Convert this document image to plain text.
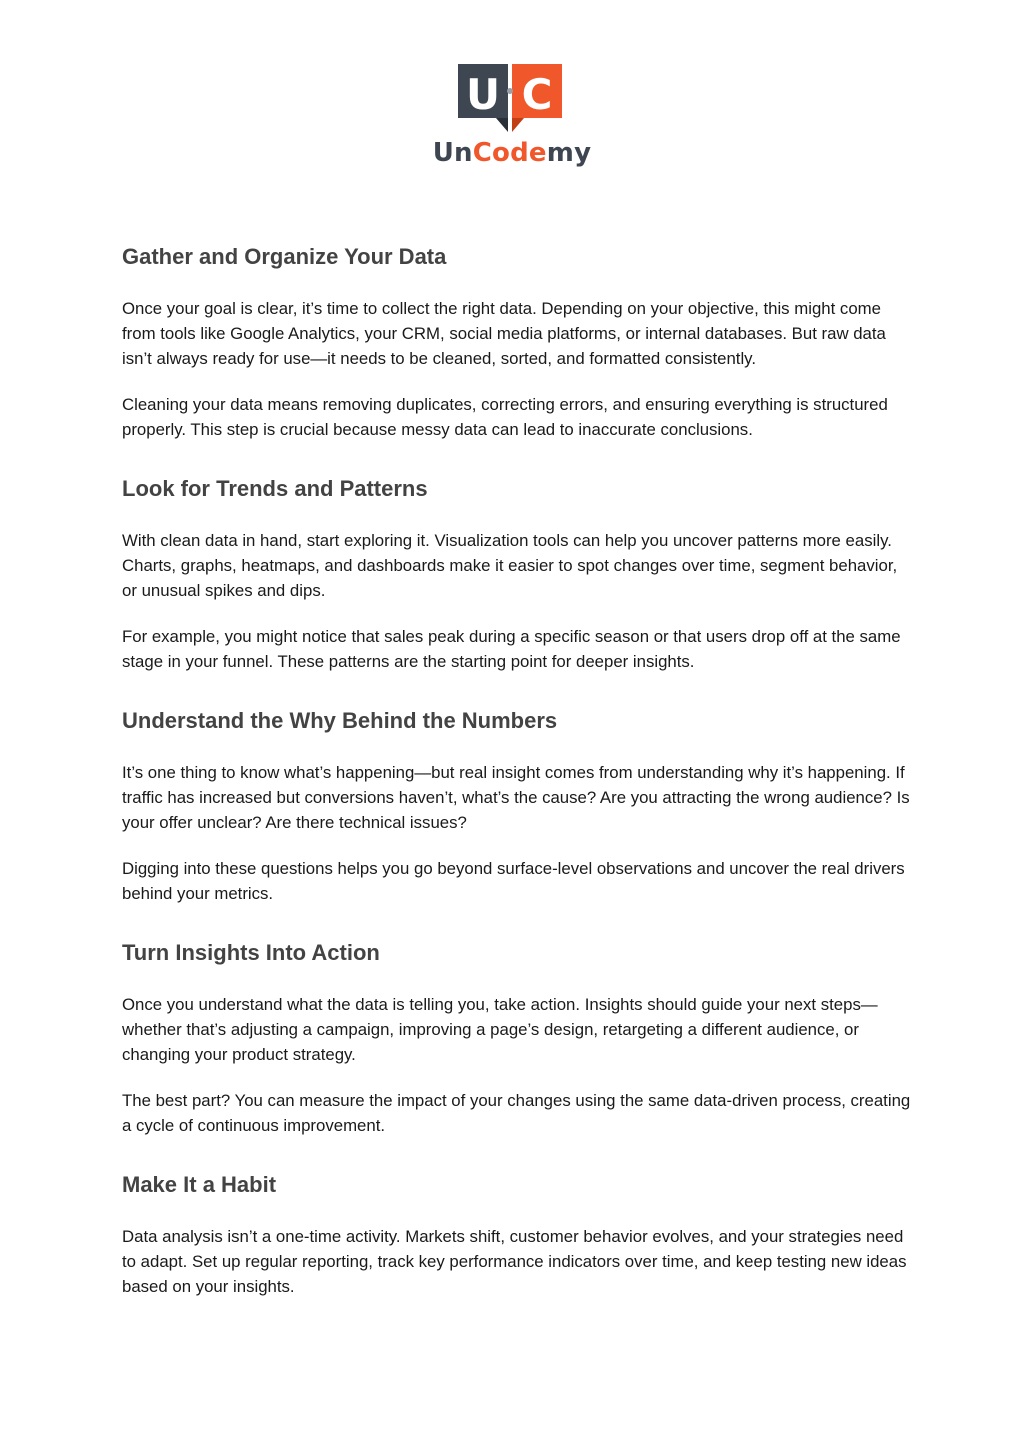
U C
UnCodemy
Gather and Organize Your Data

Once your goal is clear, it’s time to collect the right data. Depending on your objective, this might come from tools like Google Analytics, your CRM, social media platforms, or internal databases. But raw data isn’t always ready for use—it needs to be cleaned, sorted, and formatted consistently.

Cleaning your data means removing duplicates, correcting errors, and ensuring everything is structured properly. This step is crucial because messy data can lead to inaccurate conclusions.

Look for Trends and Patterns

With clean data in hand, start exploring it. Visualization tools can help you uncover patterns more easily. Charts, graphs, heatmaps, and dashboards make it easier to spot changes over time, segment behavior, or unusual spikes and dips.

For example, you might notice that sales peak during a specific season or that users drop off at the same stage in your funnel. These patterns are the starting point for deeper insights.

Understand the Why Behind the Numbers

It’s one thing to know what’s happening—but real insight comes from understanding why it’s happening. If traffic has increased but conversions haven’t, what’s the cause? Are you attracting the wrong audience? Is your offer unclear? Are there technical issues?

Digging into these questions helps you go beyond surface-level observations and uncover the real drivers behind your metrics.

Turn Insights Into Action

Once you understand what the data is telling you, take action. Insights should guide your next steps—whether that’s adjusting a campaign, improving a page’s design, retargeting a different audience, or changing your product strategy.

The best part? You can measure the impact of your changes using the same data-driven process, creating a cycle of continuous improvement.

Make It a Habit

Data analysis isn’t a one-time activity. Markets shift, customer behavior evolves, and your strategies need to adapt. Set up regular reporting, track key performance indicators over time, and keep testing new ideas based on your insights.
